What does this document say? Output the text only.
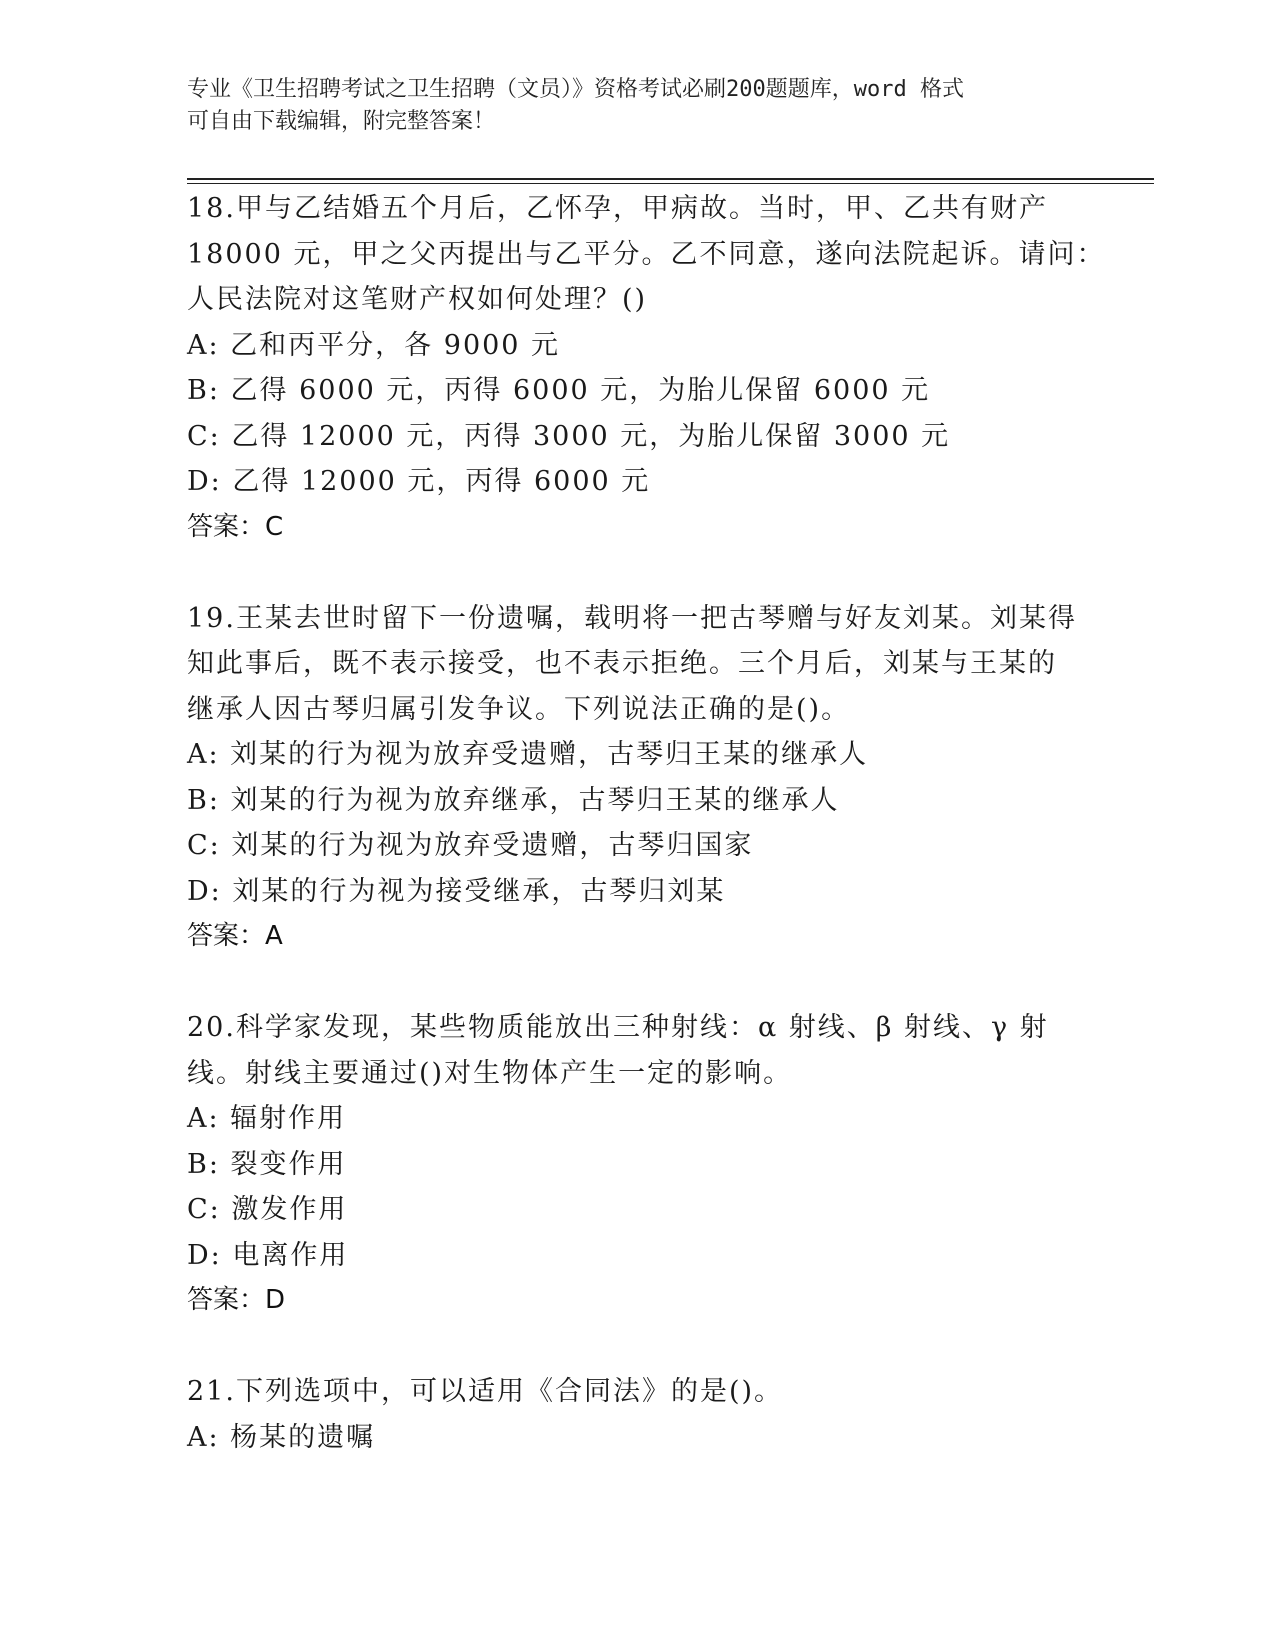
专业《卫生招聘考试之卫生招聘（文员）》资格考试必刷200题题库，word 格式
可自由下载编辑，附完整答案！
18.甲与乙结婚五个月后，乙怀孕，甲病故。当时，甲、乙共有财产
18000 元，甲之父丙提出与乙平分。乙不同意，遂向法院起诉。请问：
人民法院对这笔财产权如何处理？()
A: 乙和丙平分，各 9000 元
B: 乙得 6000 元，丙得 6000 元，为胎儿保留 6000 元
C: 乙得 12000 元，丙得 3000 元，为胎儿保留 3000 元
D: 乙得 12000 元，丙得 6000 元
答案：C
19.王某去世时留下一份遗嘱，载明将一把古琴赠与好友刘某。刘某得
知此事后，既不表示接受，也不表示拒绝。三个月后，刘某与王某的
继承人因古琴归属引发争议。下列说法正确的是()。
A: 刘某的行为视为放弃受遗赠，古琴归王某的继承人
B: 刘某的行为视为放弃继承，古琴归王某的继承人
C: 刘某的行为视为放弃受遗赠，古琴归国家
D: 刘某的行为视为接受继承，古琴归刘某
答案：A
20.科学家发现，某些物质能放出三种射线：α 射线、β 射线、γ 射
线。射线主要通过()对生物体产生一定的影响。
A: 辐射作用
B: 裂变作用
C: 激发作用
D: 电离作用
答案：D
21.下列选项中，可以适用《合同法》的是()。
A: 杨某的遗嘱
